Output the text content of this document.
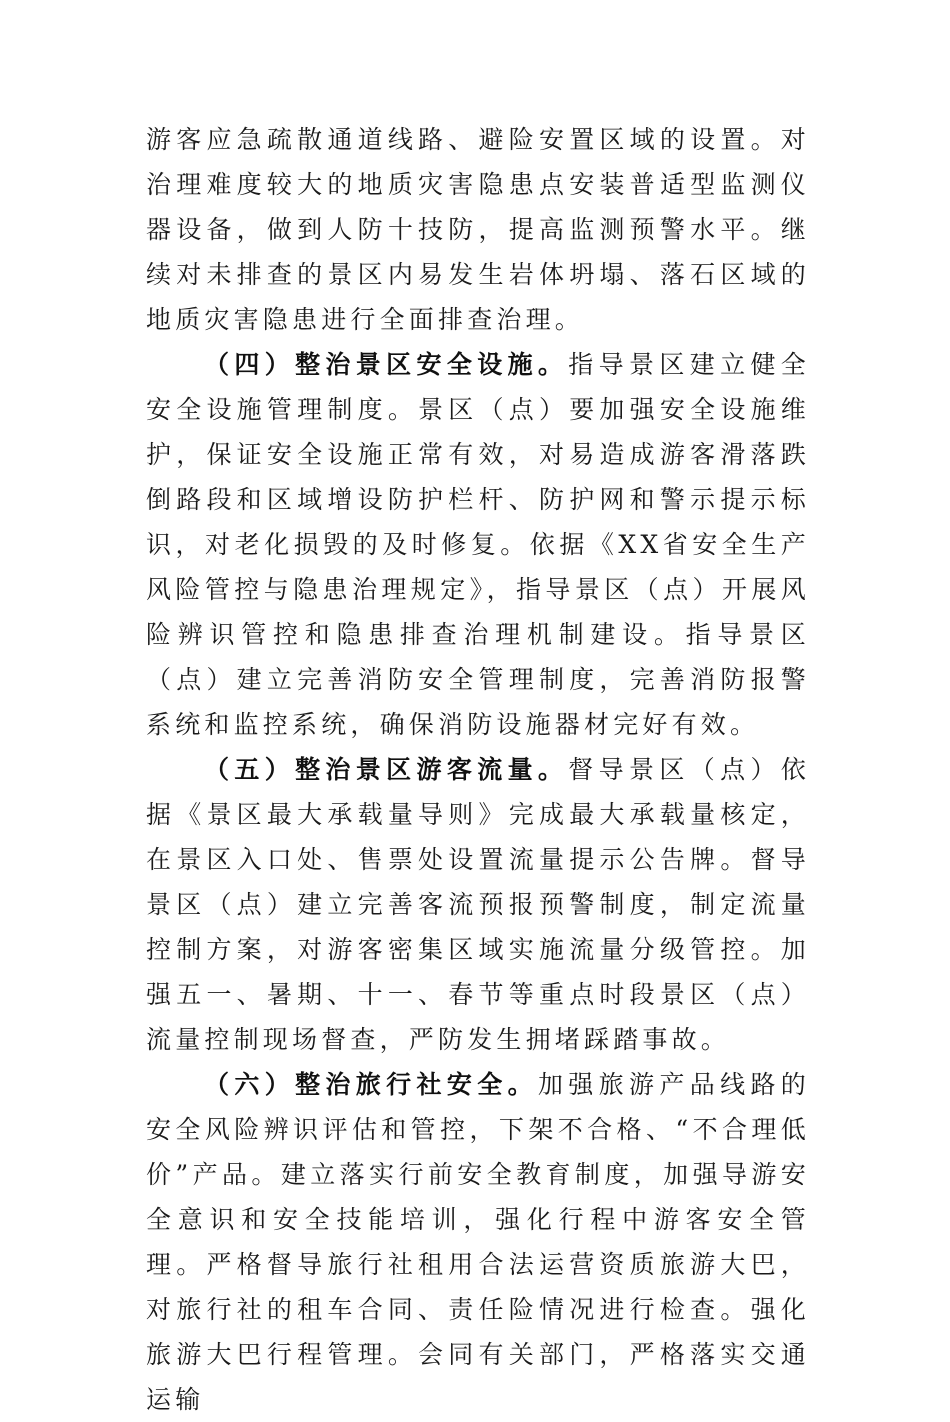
游客应急疏散通道线路、避险安置区域的设置。对治理难度较大的地质灾害隐患点安装普适型监测仪器设备，做到人防十技防，提高监测预警水平。继续对未排查的景区内易发生岩体坍塌、落石区域的地质灾害隐患进行全面排查治理。

（四）整治景区安全设施。指导景区建立健全安全设施管理制度。景区（点）要加强安全设施维护，保证安全设施正常有效，对易造成游客滑落跌倒路段和区域增设防护栏杆、防护网和警示提示标识，对老化损毁的及时修复。依据《XX省安全生产风险管控与隐患治理规定》，指导景区（点）开展风险辨识管控和隐患排查治理机制建设。指导景区（点）建立完善消防安全管理制度，完善消防报警系统和监控系统，确保消防设施器材完好有效。

（五）整治景区游客流量。督导景区（点）依据《景区最大承载量导则》完成最大承载量核定，在景区入口处、售票处设置流量提示公告牌。督导景区（点）建立完善客流预报预警制度，制定流量控制方案，对游客密集区域实施流量分级管控。加强五一、暑期、十一、春节等重点时段景区（点）流量控制现场督查，严防发生拥堵踩踏事故。

（六）整治旅行社安全。加强旅游产品线路的安全风险辨识评估和管控，下架不合格、“不合理低价”产品。建立落实行前安全教育制度，加强导游安全意识和安全技能培训，强化行程中游客安全管理。严格督导旅行社租用合法运营资质旅游大巴，对旅行社的租车合同、责任险情况进行检查。强化旅游大巴行程管理。会同有关部门，严格落实交通运输
